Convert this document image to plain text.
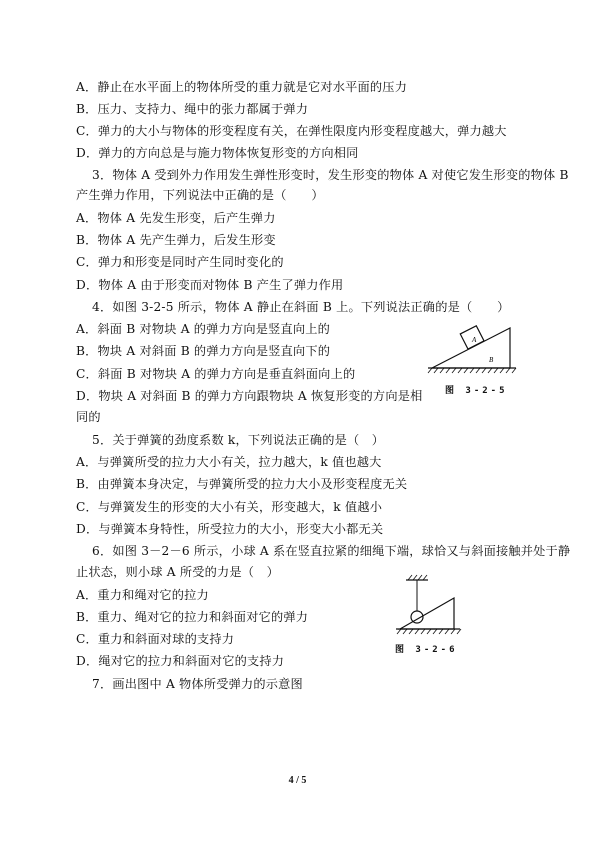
A．静止在水平面上的物体所受的重力就是它对水平面的压力
B．压力、支持力、绳中的张力都属于弹力
C．弹力的大小与物体的形变程度有关，在弹性限度内形变程度越大，弹力越大
D．弹力的方向总是与施力物体恢复形变的方向相同
3．物体 A 受到外力作用发生弹性形变时，发生形变的物体 A 对使它发生形变的物体 B
产生弹力作用，下列说法中正确的是（　　）
A．物体 A 先发生形变，后产生弹力
B．物体 A 先产生弹力，后发生形变
C．弹力和形变是同时产生同时变化的
D．物体 A 由于形变而对物体 B 产生了弹力作用
4．如图 3-2-5 所示，物体 A 静止在斜面 B 上。下列说法正确的是（　　）
A．斜面 B 对物块 A 的弹力方向是竖直向上的
B．物块 A 对斜面 B 的弹力方向是竖直向下的
C．斜面 B 对物块 A 的弹力方向是垂直斜面向上的
D．物块 A 对斜面 B 的弹力方向跟物块 A 恢复形变的方向是相
同的
5．关于弹簧的劲度系数 k，下列说法正确的是（　）
A．与弹簧所受的拉力大小有关，拉力越大，k 值也越大
B．由弹簧本身决定，与弹簧所受的拉力大小及形变程度无关
C．与弹簧发生的形变的大小有关，形变越大，k 值越小
D．与弹簧本身特性，所受拉力的大小，形变大小都无关
6．如图 3－2－6 所示，小球 A 系在竖直拉紧的细绳下端，球恰又与斜面接触并处于静
止状态，则小球 A 所受的力是（　）
A．重力和绳对它的拉力
B．重力、绳对它的拉力和斜面对它的弹力
C．重力和斜面对球的支持力
D．绳对它的拉力和斜面对它的支持力
7．画出图中 A 物体所受弹力的示意图
A
B
图 3-2-5
图 3-2-6
4 / 5
